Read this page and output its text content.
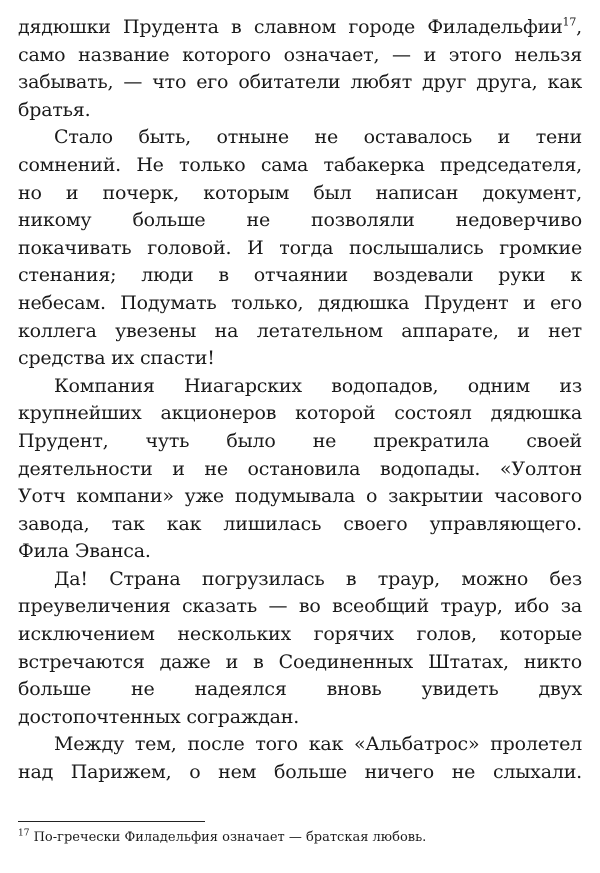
дядюшки Прудента в славном городе Филадельфии$^{17}$,
само название которого означает, — и этого нельзя
забывать, — что его обитатели любят друг друга, как
братья.
Стало быть, отныне не оставалось и тени
сомнений. Не только сама табакерка председателя,
но и почерк, которым был написан документ,
никому больше не позволяли недоверчиво
покачивать головой. И тогда послышались громкие
стенания; люди в отчаянии воздевали руки к
небесам. Подумать только, дядюшка Прудент и его
коллега увезены на летательном аппарате, и нет
средства их спасти!
Компания Ниагарских водопадов, одним из
крупнейших акционеров которой состоял дядюшка
Прудент, чуть было не прекратила своей
деятельности и не остановила водопады. «Уолтон
Уотч компани» уже подумывала о закрытии часового
завода, так как лишилась своего управляющего.
Фила Эванса.
Да! Страна погрузилась в траур, можно без
преувеличения сказать — во всеобщий траур, ибо за
исключением нескольких горячих голов, которые
встречаются даже и в Соединенных Штатах, никто
больше не надеялся вновь увидеть двух
достопочтенных сограждан.
Между тем, после того как «Альбатрос» пролетел
над Парижем, о нем больше ничего не слыхали.
$^{17}$ По-гречески Филадельфия означает — братская любовь.
